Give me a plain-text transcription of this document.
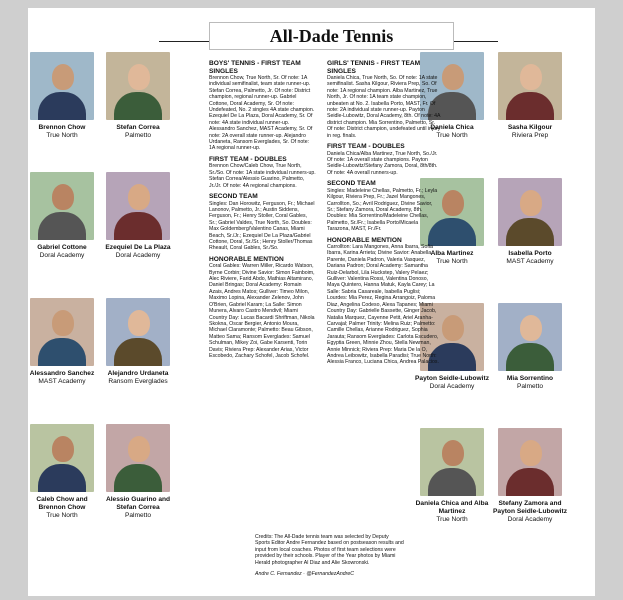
All-Dade Tennis
Brennon Chow
True North
Stefan Correa
Palmetto
Gabriel Cottone
Doral Academy
Ezequiel De La Plaza
Doral Academy
Alessandro Sanchez
MAST Academy
Alejandro Urdaneta
Ransom Everglades
Caleb Chow and Brennon Chow
True North
Alessio Guarino and Stefan Correa
Palmetto
Daniela Chica
True North
Sasha Kilgour
Riviera Prep
Alba Martinez
True North
Isabella Porto
MAST Academy
Payton Seidle-Lubowitz
Doral Academy
Mia Sorrentino
Palmetto
Daniela Chica and Alba Martinez
True North
Stefany Zamora and Payton Seidle-Lubowitz
Doral Academy

BOYS' TENNIS - FIRST TEAM SINGLES

Brennon Chow, True North, Sr. Of note: 1A individual semifinalist, team state runner-up. Stefan Correa, Palmetto, Jr. Of note: District champion, regional runner-up. Gabriel Cottone, Doral Academy, Sr. Of note: Undefeated, No. 2 singles 4A state champion. Ezequiel De La Plaza, Doral Academy, Sr. Of note: 4A state individual runner-up. Alessandro Sanchez, MAST Academy, Sr. Of note: 2A overall state runner-up. Alejandro Urdaneta, Ransom Everglades, Sr. Of note: 1A regional runner-up.

FIRST TEAM - DOUBLES

Brennon Chow/Caleb Chow, True North, Sr./So. Of note: 1A state individual runners-up. Stefan Correa/Alessio Guarino, Palmetto, Jr./Jr. Of note: 4A regional champions.

SECOND TEAM

Singles: Dan Horowitz, Ferguson, Fr.; Michael Lanonov, Palmetto, Jr.; Austin Siddens, Ferguson, Fr.; Henry Stoller, Coral Gables, Sr.; Gabriel Valdes, True North, So. Doubles: Max Goldemberg/Valentino Canas, Miami Beach, Sr./Jr.; Ezequiel De La Plaza/Gabriel Cottone, Doral, Sr./Sr.; Henry Stoller/Thomas Rheault, Coral Gables, Sr./So.

HONORABLE MENTION

Coral Gables: Warren Miller, Ricardo Watson, Byrne Corbin; Divine Savior: Simon Fainboim, Alec Riviere, Farid Abdo, Mathias Altamirano, Daniel Bringas; Doral Academy: Romain Azais, Andres Matos; Gulliver: Timeo Milon, Maximo Lopina, Alexander Zelenov, John O'Brien, Gabriel Karam; La Salle: Simon Munera, Alvaro Castro Mendivil; Miami Country Day: Lucas Bacardi Shriftman, Nikola Skokna, Oscar Bergier, Antonio Moura, Michael Claramonte; Palmetto: Beau Gibson, Matteo Sama; Ransom Everglades: Samuel Schulman, Mikey Zoi, Gabe Karsenti, Torin Davis; Riviera Prep: Alexander Arias, Victor Escobedo, Zachary Schofel, Jacob Schofel.

GIRLS' TENNIS - FIRST TEAM SINGLES

Daniela Chica, True North, So. Of note: 1A state semifinalist. Sasha Kilgour, Riviera Prep, So. Of note: 1A regional champion. Alba Martinez, True North, Jr. Of note: 1A team state champion, unbeaten at No. 2. Isabella Porto, MAST, Fr. Of note: 2A individual state runner-up. Payton Seidle-Lubowitz, Doral Academy, 8th. Of note: 4A district champion. Mia Sorrentino, Palmetto, Sr. Of note: District champion, undefeated until injury in reg. finals.

FIRST TEAM - DOUBLES

Daniela Chica/Alba Martinez, True North, So./Jr. Of note: 1A overall state champions. Payton Seidle-Lubowitz/Stefany Zamora, Doral, 8th/8th. Of note: 4A overall runners-up.

SECOND TEAM

Singles: Madeleine Chellas, Palmetto, Fr.; Leyla Kilgour, Riviera Prep, Fr.; Jazel Mangones, Carrollton, So.; Avril Rodriguez, Divine Savior, Sr.; Stefany Zamora, Doral Academy, 8th. Doubles: Mia Sorrentino/Madeleine Chellas, Palmetto, Sr./Fr.; Isabella Porto/Micaela Tarazona, MAST, Fr./Fr.

HONORABLE MENTION

Carrollton: Lara Mangones, Anna Ibarra, Sofia Ibarra, Karina Arrieta; Divine Savior: Anabella Parente, Daniela Padron, Valeria Vasquez, Dariana Padron; Doral Academy: Samantha Ruiz-Delarbol, Lila Huckstep, Valery Pelaez; Gulliver: Valentina Rossi, Valentina Donoso, Maya Quintero, Hanna Matuk, Kayla Carey; La Salle: Sabria Casareale, Isabella Puglisi; Lourdes: Mia Perez, Regina Arrangoiz, Paloma Diaz, Angelina Codeso, Alexa Tapanes; Miami Country Day: Gabrielle Bassette, Ginger Jacob, Natalia Marquez, Cayenne Petit, Ariel Aranha-Carvajal; Palmer Trinity: Melina Ruiz; Palmetto: Camille Chellas, Arianne Rodriguez, Sophia Jarauta; Ransom Everglades: Carlota Escudero, Egyptia Green, Minnie Zhou, Stella Newman, Annie Minnick; Riviera Prep: Maria De la O, Andrea Leibowitz, Isabella Paradisi; True North: Alessia Franco, Luciana Chica, Andrea Palacios.

Credits: The All-Dade tennis team was selected by Deputy Sports Editor Andre Fernandez based on postseason results and input from local coaches. Photos of first team selections were provided by their schools. Player of the Year photos by Miami Herald photographer Al Diaz and Alie Skowronski.
Andre C. Fernandez · @FernandezAndreC
